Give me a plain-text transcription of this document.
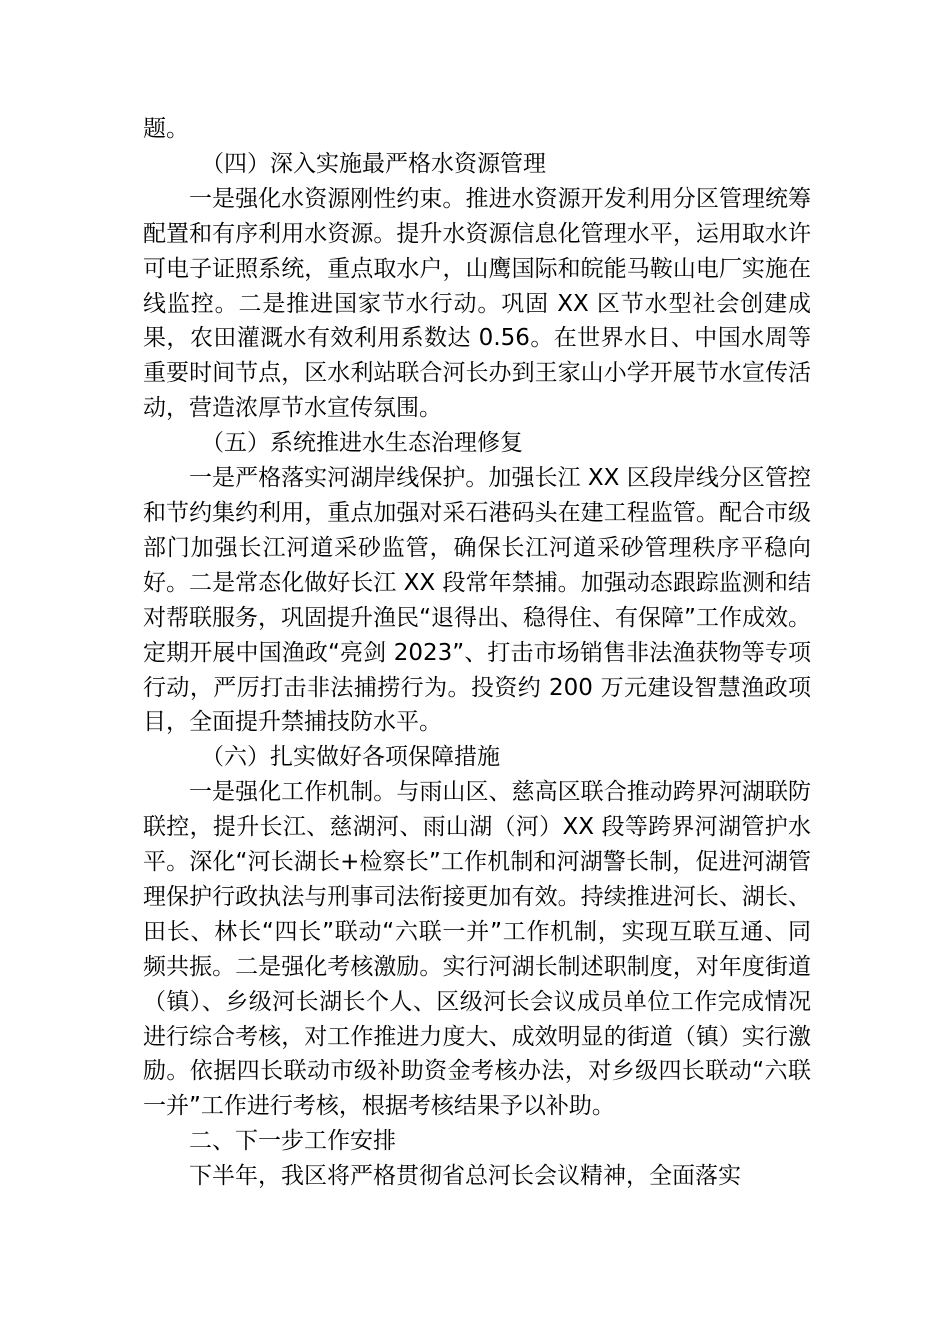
题。

（四）深入实施最严格水资源管理

一是强化水资源刚性约束。推进水资源开发利用分区管理统筹配置和有序利用水资源。提升水资源信息化管理水平，运用取水许可电子证照系统，重点取水户，山鹰国际和皖能马鞍山电厂实施在线监控。二是推进国家节水行动。巩固 XX 区节水型社会创建成果，农田灌溉水有效利用系数达 0.56。在世界水日、中国水周等重要时间节点，区水利站联合河长办到王家山小学开展节水宣传活动，营造浓厚节水宣传氛围。

（五）系统推进水生态治理修复

一是严格落实河湖岸线保护。加强长江 XX 区段岸线分区管控和节约集约利用，重点加强对采石港码头在建工程监管。配合市级部门加强长江河道采砂监管，确保长江河道采砂管理秩序平稳向好。二是常态化做好长江 XX 段常年禁捕。加强动态跟踪监测和结对帮联服务，巩固提升渔民“退得出、稳得住、有保障”工作成效。定期开展中国渔政“亮剑 2023”、打击市场销售非法渔获物等专项行动，严厉打击非法捕捞行为。投资约 200 万元建设智慧渔政项目，全面提升禁捕技防水平。

（六）扎实做好各项保障措施

一是强化工作机制。与雨山区、慈高区联合推动跨界河湖联防联控，提升长江、慈湖河、雨山湖（河）XX 段等跨界河湖管护水平。深化“河长湖长+检察长”工作机制和河湖警长制，促进河湖管理保护行政执法与刑事司法衔接更加有效。持续推进河长、湖长、田长、林长“四长”联动“六联一并”工作机制，实现互联互通、同频共振。二是强化考核激励。实行河湖长制述职制度，对年度街道（镇）、乡级河长湖长个人、区级河长会议成员单位工作完成情况进行综合考核，对工作推进力度大、成效明显的街道（镇）实行激励。依据四长联动市级补助资金考核办法，对乡级四长联动“六联一并”工作进行考核，根据考核结果予以补助。

二、下一步工作安排

下半年，我区将严格贯彻省总河长会议精神，全面落实
